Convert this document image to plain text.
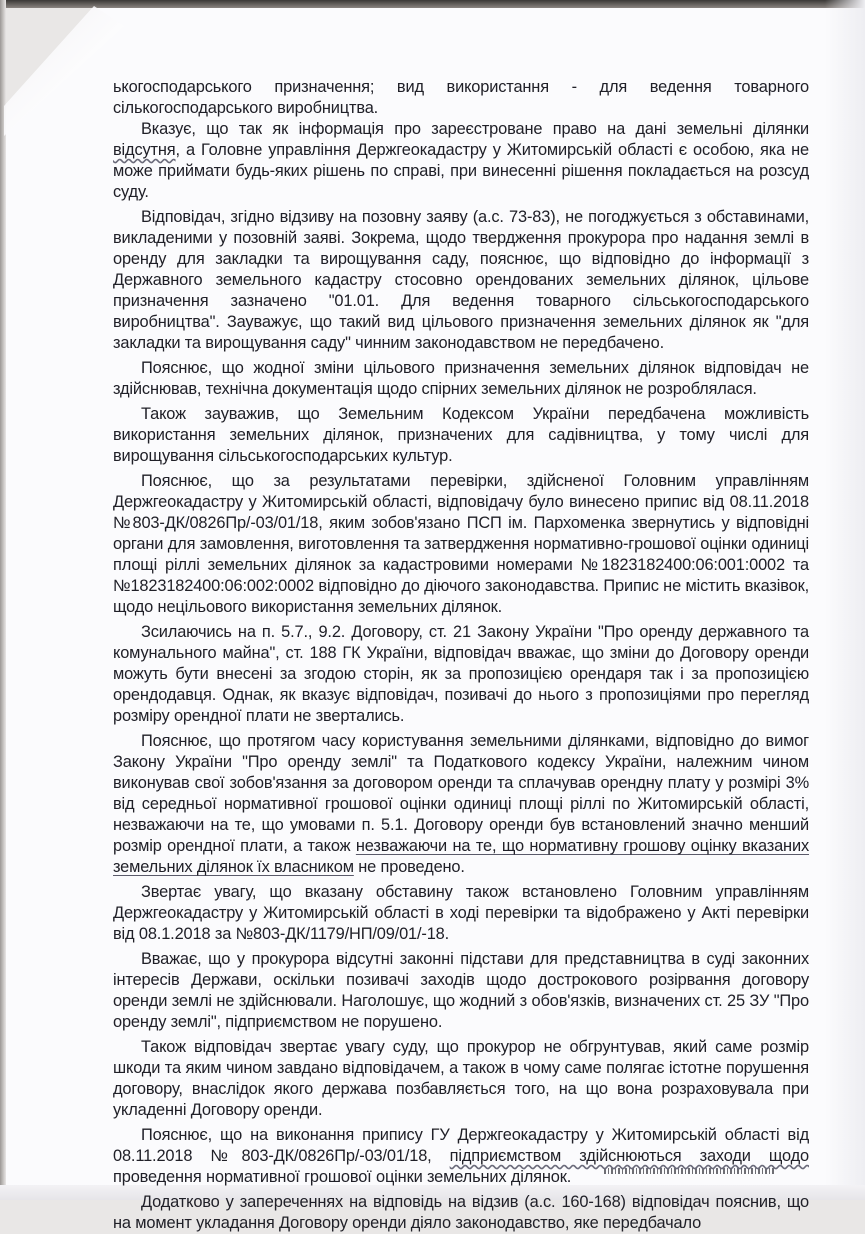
ькогосподарського призначення; вид використання - для ведення товарного сількогосподарського виробництва.

Вказує, що так як інформація про зареєстроване право на дані земельні ділянки відсутня, а Головне управління Держгеокадастру у Житомирській області є особою, яка не може приймати будь-яких рішень по справі, при винесенні рішення покладається на розсуд суду.

Відповідач, згідно відзиву на позовну заяву (а.с. 73-83), не погоджується з обставинами, викладеними у позовній заяві. Зокрема, щодо твердження прокурора про надання землі в оренду для закладки та вирощування саду, пояснює, що відповідно до інформації з Державного земельного кадастру стосовно орендованих земельних ділянок, цільове призначення зазначено "01.01. Для ведення товарного сільськогосподарського виробництва". Зауважує, що такий вид цільового призначення земельних ділянок як "для закладки та вирощування саду" чинним законодавством не передбачено.

Пояснює, що жодної зміни цільового призначення земельних ділянок відповідач не здійснював, технічна документація щодо спірних земельних ділянок не розроблялася.

Також зауважив, що Земельним Кодексом України передбачена можливість використання земельних ділянок, призначених для садівництва, у тому числі для вирощування сільськогосподарських культур.

Пояснює, що за результатами перевірки, здійсненої Головним управлінням Держгеокадастру у Житомирській області, відповідачу було винесено припис від 08.11.2018 №803-ДК/0826Пр/-03/01/18, яким зобов'язано ПСП ім. Пархоменка звернутись у відповідні органи для замовлення, виготовлення та затвердження нормативно-грошової оцінки одиниці площі ріллі земельних ділянок за кадастровими номерами №1823182400:06:001:0002 та №1823182400:06:002:0002 відповідно до діючого законодавства. Припис не містить вказівок, щодо нецільового використання земельних ділянок.

Зсилаючись на п. 5.7., 9.2. Договору, ст. 21 Закону України "Про оренду державного та комунального майна", ст. 188 ГК України, відповідач вважає, що зміни до Договору оренди можуть бути внесені за згодою сторін, як за пропозицією орендаря так і за пропозицією орендодавця. Однак, як вказує відповідач, позивачі до нього з пропозиціями про перегляд розміру орендної плати не звертались.

Пояснює, що протягом часу користування земельними ділянками, відповідно до вимог Закону України "Про оренду землі" та Податкового кодексу України, належним чином виконував свої зобов'язання за договором оренди та сплачував орендну плату у розмірі 3% від середньої нормативної грошової оцінки одиниці площі ріллі по Житомирській області, незважаючи на те, що умовами п. 5.1. Договору оренди був встановлений значно менший розмір орендної плати, а також незважаючи на те, що нормативну грошову оцінку вказаних земельних ділянок їх власником не проведено.

Звертає увагу, що вказану обставину також встановлено Головним управлінням Держгеокадастру у Житомирській області в ході перевірки та відображено у Акті перевірки від 08.1.2018 за №803-ДК/1179/НП/09/01/-18.

Вважає, що у прокурора відсутні законні підстави для представництва в суді законних інтересів Держави, оскільки позивачі заходів щодо дострокового розірвання договору оренди землі не здійснювали. Наголошує, що жодний з обов'язків, визначених ст. 25 ЗУ "Про оренду землі", підприємством не порушено.

Також відповідач звертає увагу суду, що прокурор не обгрунтував, який саме розмір шкоди та яким чином завдано відповідачем, а також в чому саме полягає істотне порушення договору, внаслідок якого держава позбавляється того, на що вона розраховувала при укладенні Договору оренди.

Пояснює, що на виконання припису ГУ Держгеокадастру у Житомирській області від 08.11.2018 №803-ДК/0826Пр/-03/01/18, підприємством здійснюються заходи щодо проведення нормативної грошової оцінки земельних ділянок.

Додатково у запереченнях на відповідь на відзив (а.с. 160-168) відповідач пояснив, що на момент укладання Договору оренди діяло законодавство, яке передбачало
